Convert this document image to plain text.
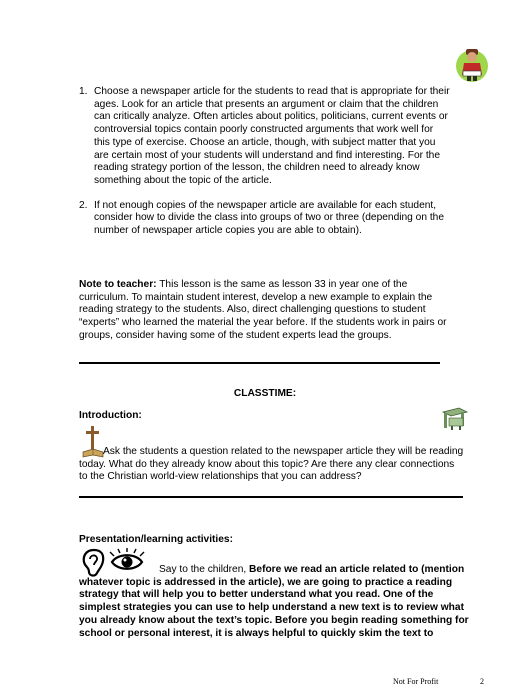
1. Choose a newspaper article for the students to read that is appropriate for their ages. Look for an article that presents an argument or claim that the children can critically analyze. Often articles about politics, politicians, current events or controversial topics contain poorly constructed arguments that work well for this type of exercise. Choose an article, though, with subject matter that you are certain most of your students will understand and find interesting. For the reading strategy portion of the lesson, the children need to already know something about the topic of the article.
2. If not enough copies of the newspaper article are available for each student, consider how to divide the class into groups of two or three (depending on the number of newspaper article copies you are able to obtain).
Note to teacher: This lesson is the same as lesson 33 in year one of the curriculum. To maintain student interest, develop a new example to explain the reading strategy to the students. Also, direct challenging questions to student “experts” who learned the material the year before. If the students work in pairs or groups, consider having some of the student experts lead the groups.
CLASSTIME:
Introduction:
Ask the students a question related to the newspaper article they will be reading today. What do they already know about this topic? Are there any clear connections to the Christian world-view relationships that you can address?
Presentation/learning activities:
Say to the children, Before we read an article related to (mention whatever topic is addressed in the article), we are going to practice a reading strategy that will help you to better understand what you read. One of the simplest strategies you can use to help understand a new text is to review what you already know about the text’s topic. Before you begin reading something for school or personal interest, it is always helpful to quickly skim the text to
Not For Profit	2
